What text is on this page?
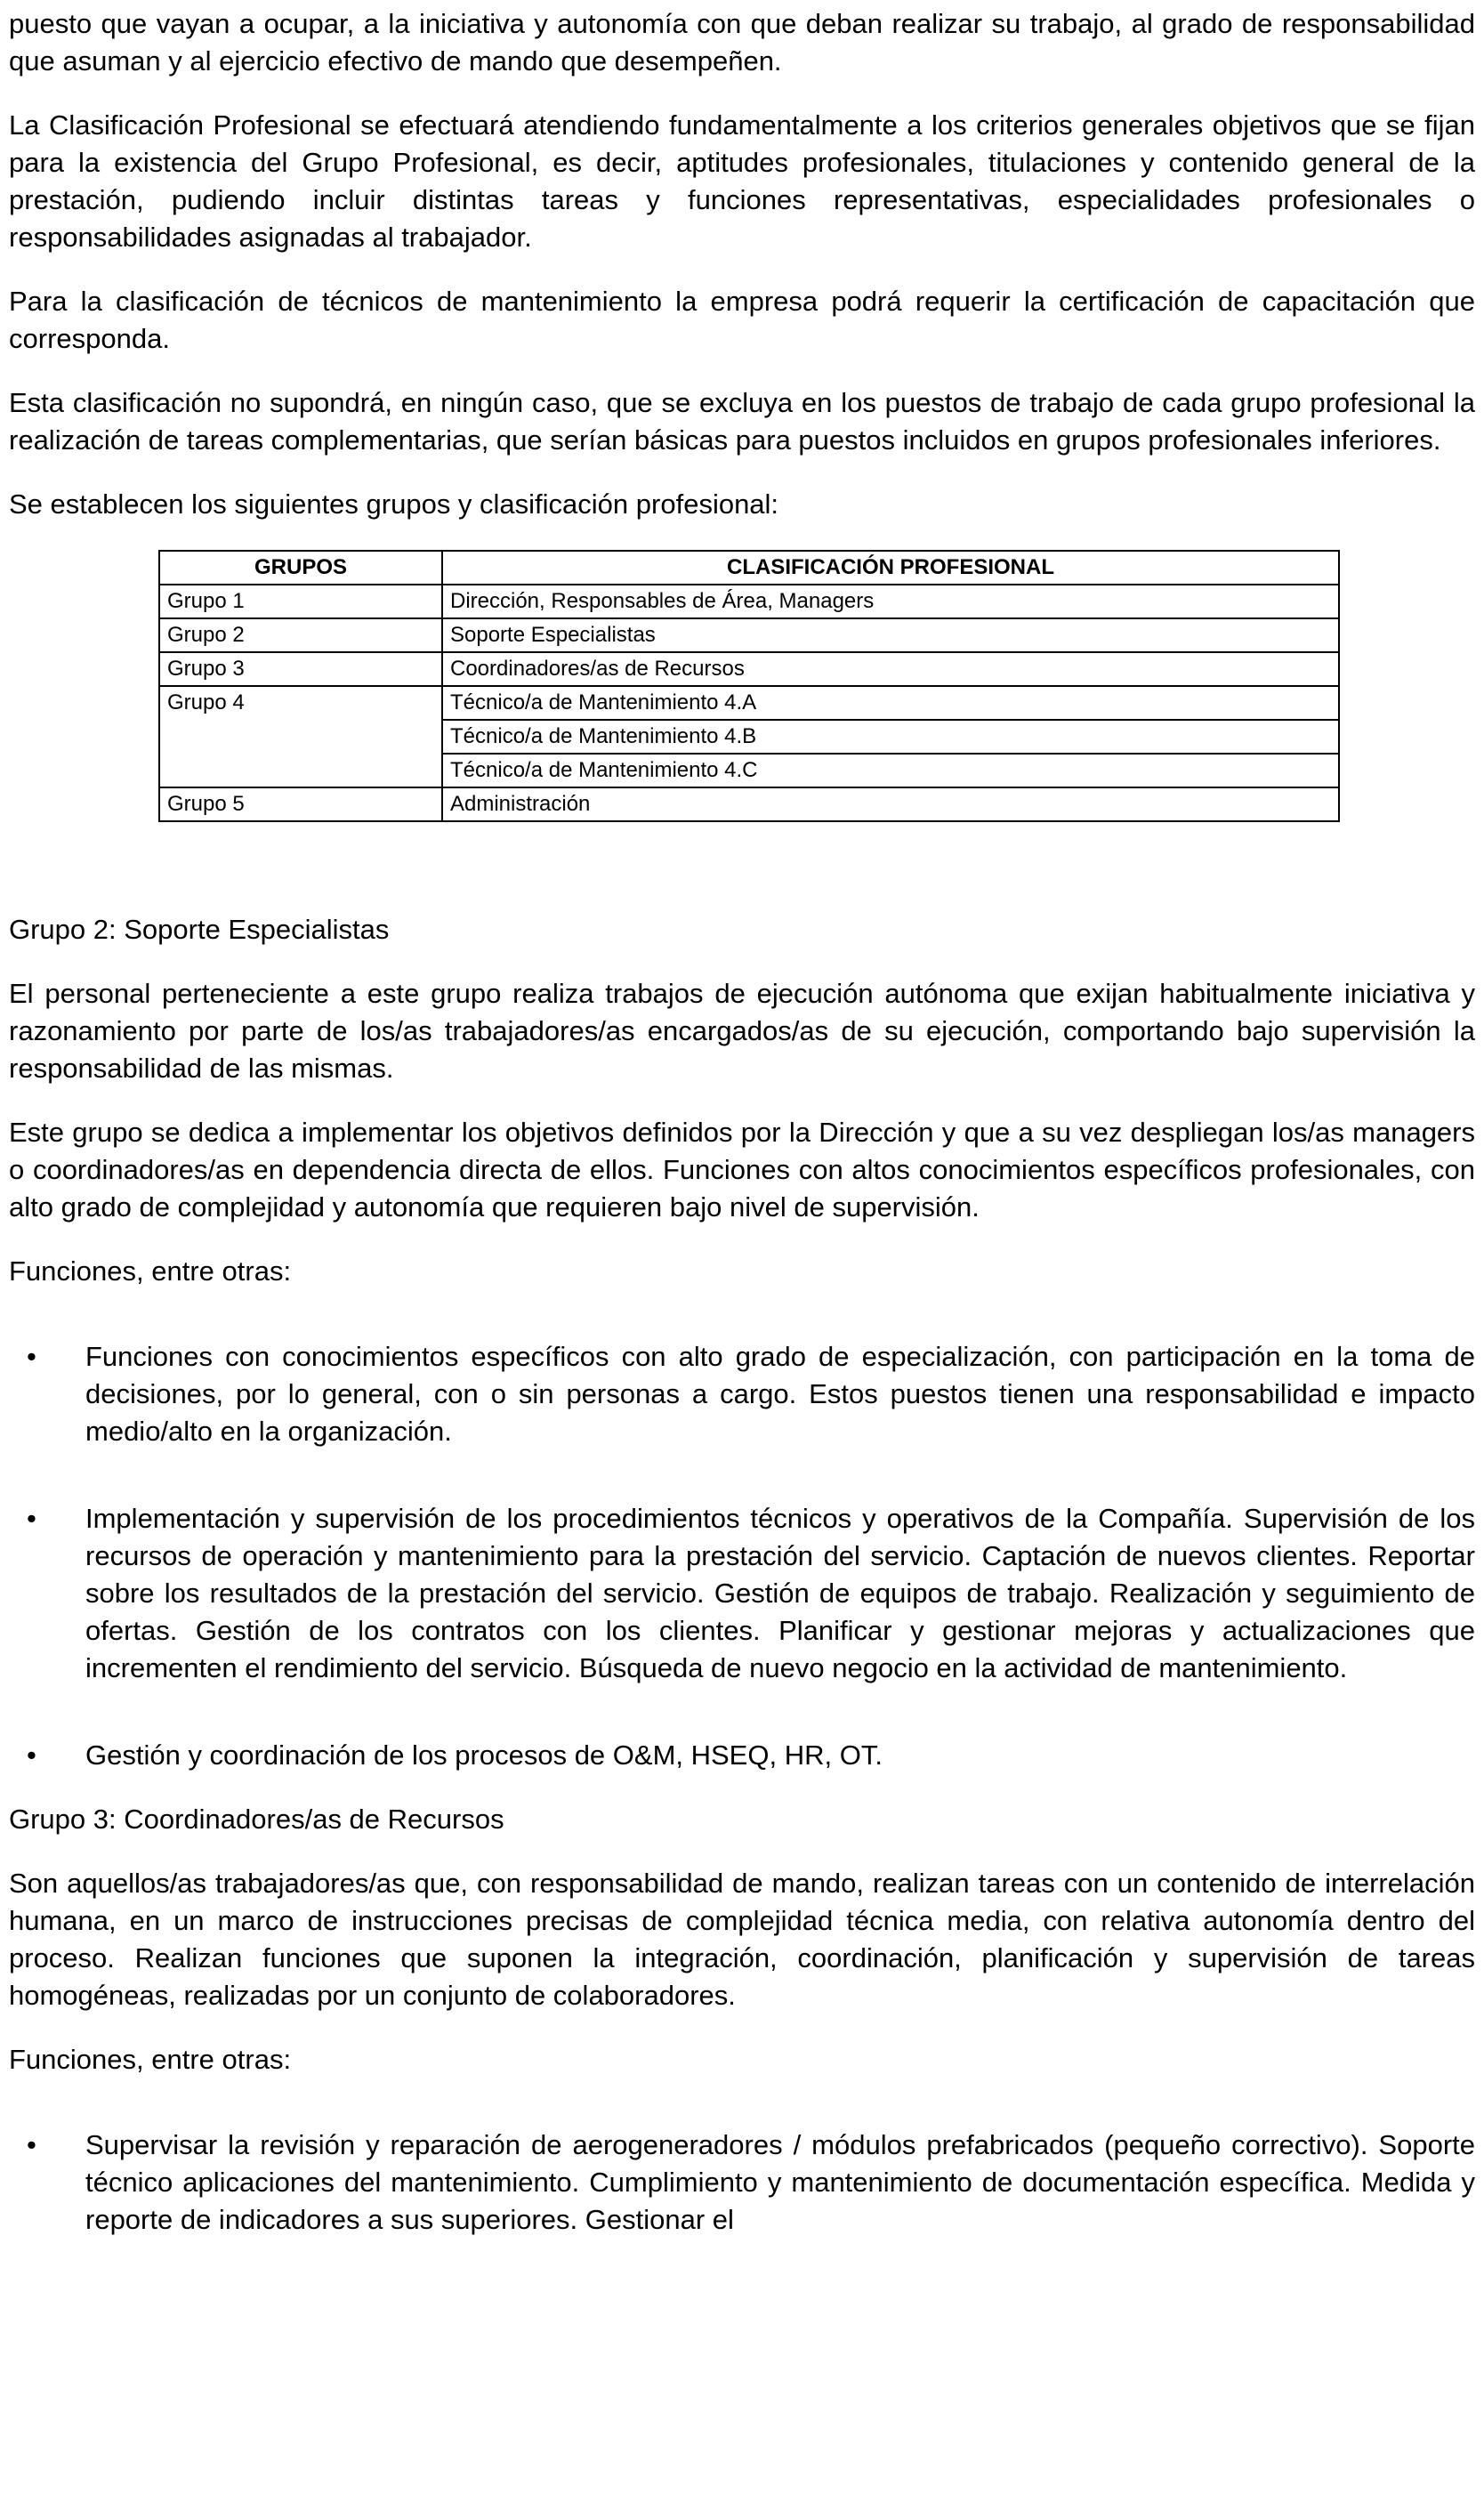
puesto que vayan a ocupar, a la iniciativa y autonomía con que deban realizar su trabajo, al grado de responsabilidad que asuman y al ejercicio efectivo de mando que desempeñen.

La Clasificación Profesional se efectuará atendiendo fundamentalmente a los criterios generales objetivos que se fijan para la existencia del Grupo Profesional, es decir, aptitudes profesionales, titulaciones y contenido general de la prestación, pudiendo incluir distintas tareas y funciones representativas, especialidades profesionales o responsabilidades asignadas al trabajador.

Para la clasificación de técnicos de mantenimiento la empresa podrá requerir la certificación de capacitación que corresponda.

Esta clasificación no supondrá, en ningún caso, que se excluya en los puestos de trabajo de cada grupo profesional la realización de tareas complementarias, que serían básicas para puestos incluidos en grupos profesionales inferiores.

Se establecen los siguientes grupos y clasificación profesional:

GRUPOS	CLASIFICACIÓN PROFESIONAL
Grupo 1	Dirección, Responsables de Área, Managers
Grupo 2	Soporte Especialistas
Grupo 3	Coordinadores/as de Recursos
Grupo 4	Técnico/a de Mantenimiento 4.A
	Técnico/a de Mantenimiento 4.B
	Técnico/a de Mantenimiento 4.C
Grupo 5	Administración

Grupo 2: Soporte Especialistas

El personal perteneciente a este grupo realiza trabajos de ejecución autónoma que exijan habitualmente iniciativa y razonamiento por parte de los/as trabajadores/as encargados/as de su ejecución, comportando bajo supervisión la responsabilidad de las mismas.

Este grupo se dedica a implementar los objetivos definidos por la Dirección y que a su vez despliegan los/as managers o coordinadores/as en dependencia directa de ellos. Funciones con altos conocimientos específicos profesionales, con alto grado de complejidad y autonomía que requieren bajo nivel de supervisión.

Funciones, entre otras:

• Funciones con conocimientos específicos con alto grado de especialización, con participación en la toma de decisiones, por lo general, con o sin personas a cargo. Estos puestos tienen una responsabilidad e impacto medio/alto en la organización.
• Implementación y supervisión de los procedimientos técnicos y operativos de la Compañía. Supervisión de los recursos de operación y mantenimiento para la prestación del servicio. Captación de nuevos clientes. Reportar sobre los resultados de la prestación del servicio. Gestión de equipos de trabajo. Realización y seguimiento de ofertas. Gestión de los contratos con los clientes. Planificar y gestionar mejoras y actualizaciones que incrementen el rendimiento del servicio. Búsqueda de nuevo negocio en la actividad de mantenimiento.
• Gestión y coordinación de los procesos de O&M, HSEQ, HR, OT.

Grupo 3: Coordinadores/as de Recursos

Son aquellos/as trabajadores/as que, con responsabilidad de mando, realizan tareas con un contenido de interrelación humana, en un marco de instrucciones precisas de complejidad técnica media, con relativa autonomía dentro del proceso. Realizan funciones que suponen la integración, coordinación, planificación y supervisión de tareas homogéneas, realizadas por un conjunto de colaboradores.

Funciones, entre otras:

• Supervisar la revisión y reparación de aerogeneradores / módulos prefabricados (pequeño correctivo). Soporte técnico aplicaciones del mantenimiento. Cumplimiento y mantenimiento de documentación específica. Medida y reporte de indicadores a sus superiores. Gestionar el
